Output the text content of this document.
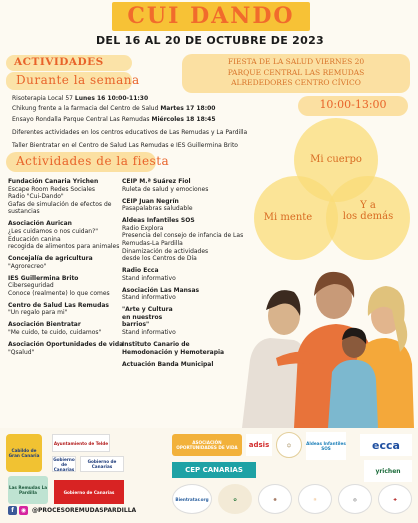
CUI DANDO
DEL 16 AL 20 DE OCTUBRE DE 2023
ACTIVIDADES
Durante la semana
FIESTA DE LA SALUD VIERNES 20
PARQUE CENTRAL LAS REMUDAS
ALREDEDORES CENTRO CÍVICO
10:00-13:00
Risoterapia Local 57 Lunes 16 10:00-11:30
Chikung frente a la farmacia del Centro de Salud Martes 17 18:00
Ensayo Rondalla Parque Central Las Remudas Miércoles 18 18:45
Diferentes actividades en los centros educativos de Las Remudas y La Pardilla
Taller Bientratar en el Centro de Salud Las Remudas e IES Guillermina Brito
Actividades de la fiesta
Fundación Canaria Yrichen
Escape Room Redes Sociales
Radio "Cui-Dando"
Gafas de simulación de efectos de
sustancias
Asociación Aurican
¿Les cuidamos o nos cuidan?"
Educación canina
recogida de alimentos para animales
Concejalía de agricultura
"Agrorecreo"
IES Guillermina Brito
Ciberseguridad
Conoce (realmente) lo que comes
Centro de Salud Las Remudas
"Un regalo para mi"
Asociación Bientratar
"Me cuido, te cuido, cuidamos"
Asociación Oportunidades de vida
"Qsalud"
CEIP M.ª Suárez Fiol
Ruleta de salud y emociones
CEIP Juan Negrín
Pasapalabras saludable
Aldeas Infantiles SOS
Radio Explora
Presencia del consejo de infancia de Las
Remudas-La Pardilla
Dinamización de actividades
desde los Centros de Día
Radio Ecca
Stand informativo
Asociación Las Mansas
Stand informativo
"Arte y Cultura en nuestros barrios"
Stand informativo
Instituto Canario de Hemodonación y Hemoterapia
Actuación Banda Municipal
Mi cuerpo
Mi mente
Y a
los demás
Cabildo de Gran Canaria
Ayuntamiento de Telde
Gobierno de Canarias
Gobierno de Canarias
Las Remudas La Pardilla	Gobierno de Canarias
ASOCIACIÓN OPORTUNIDADES DE VIDA	adsis	☺	Aldeas Infantiles SOS	ecca
CEP CANARIAS	yrichen
Bientratar.org	✿	❋	☼	◎	✚
f	◉ @PROCESOREMUDASPARDILLA
